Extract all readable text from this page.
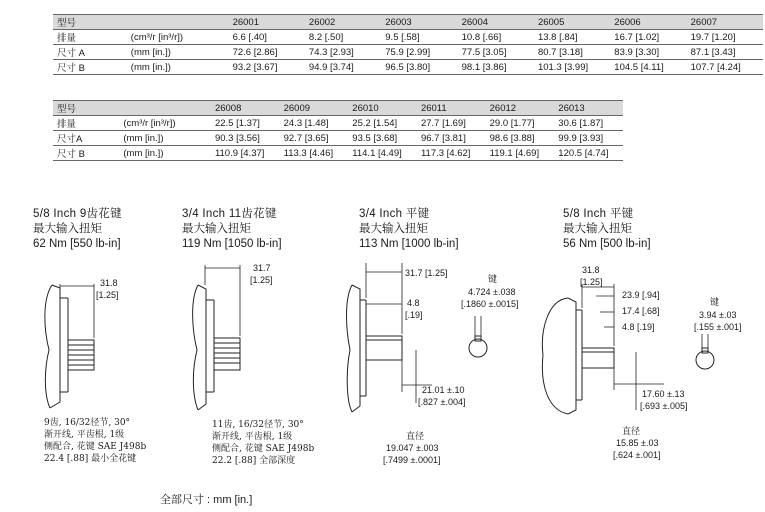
型号		26001	26002	26003	26004	26005	26006	26007
排量	(cm³/r [in³/r])	6.6 [.40]	8.2 [.50]	9.5 [.58]	10.8 [.66]	13.8 [.84]	16.7 [1.02]	19.7 [1.20]
尺寸 A	(mm [in.])	72.6 [2.86]	74.3 [2.93]	75.9 [2.99]	77.5 [3.05]	80.7 [3.18]	83.9 [3.30]	87.1 [3.43]
尺寸 B	(mm [in.])	93.2 [3.67]	94.9 [3.74]	96.5 [3.80]	98.1 [3.86]	101.3 [3.99]	104.5 [4.11]	107.7 [4.24]
型号		26008	26009	26010	26011	26012	26013
排量	(cm³/r [in³/r])	22.5 [1.37]	24.3 [1.48]	25.2 [1.54]	27.7 [1.69]	29.0 [1.77]	30.6 [1.87]
尺寸A	(mm [in.])	90.3 [3.56]	92.7 [3.65]	93.5 [3.68]	96.7 [3.81]	98.6 [3.88]	99.9 [3.93]
尺寸 B	(mm [in.])	110.9 [4.37]	113.3 [4.46]	114.1 [4.49]	117.3 [4.62]	119.1 [4.69]	120.5 [4.74]
5/8 Inch 9齿花键
最大输入扭矩
62 Nm [550 lb-in]
3/4 Inch 11齿花键
最大输入扭矩
119 Nm [1050 lb-in]
3/4 Inch 平键
最大输入扭矩
113 Nm [1000 lb-in]
5/8 Inch 平键
最大输入扭矩
56 Nm [500 lb-in]
31.8
[1.25]
31.7
[1.25]
31.7 [1.25]
4.8
[.19]
21.01 ±.10
[.827 ±.004]
直径
19.047 ±.003
[.7499 ±.0001]
键
4.724 ±.038
[.1860 ±.0015]
31.8
[1.25]
23.9 [.94]
17.4 [.68]
4.8 [.19]
17.60 ±.13
[.693 ±.005]
直径
15.85 ±.03
[.624 ±.001]
键
3.94 ±.03
[.155 ±.001]
9齿, 16/32径节, 30°
渐开线, 平齿根, 1级
侧配合, 花键 SAE J498b
22.4 [.88] 最小全花键
11齿, 16/32径节, 30°
渐开线, 平齿根, 1级
侧配合, 花键 SAE J498b
22.2 [.88] 全部深度
全部尺寸 : mm [in.]
